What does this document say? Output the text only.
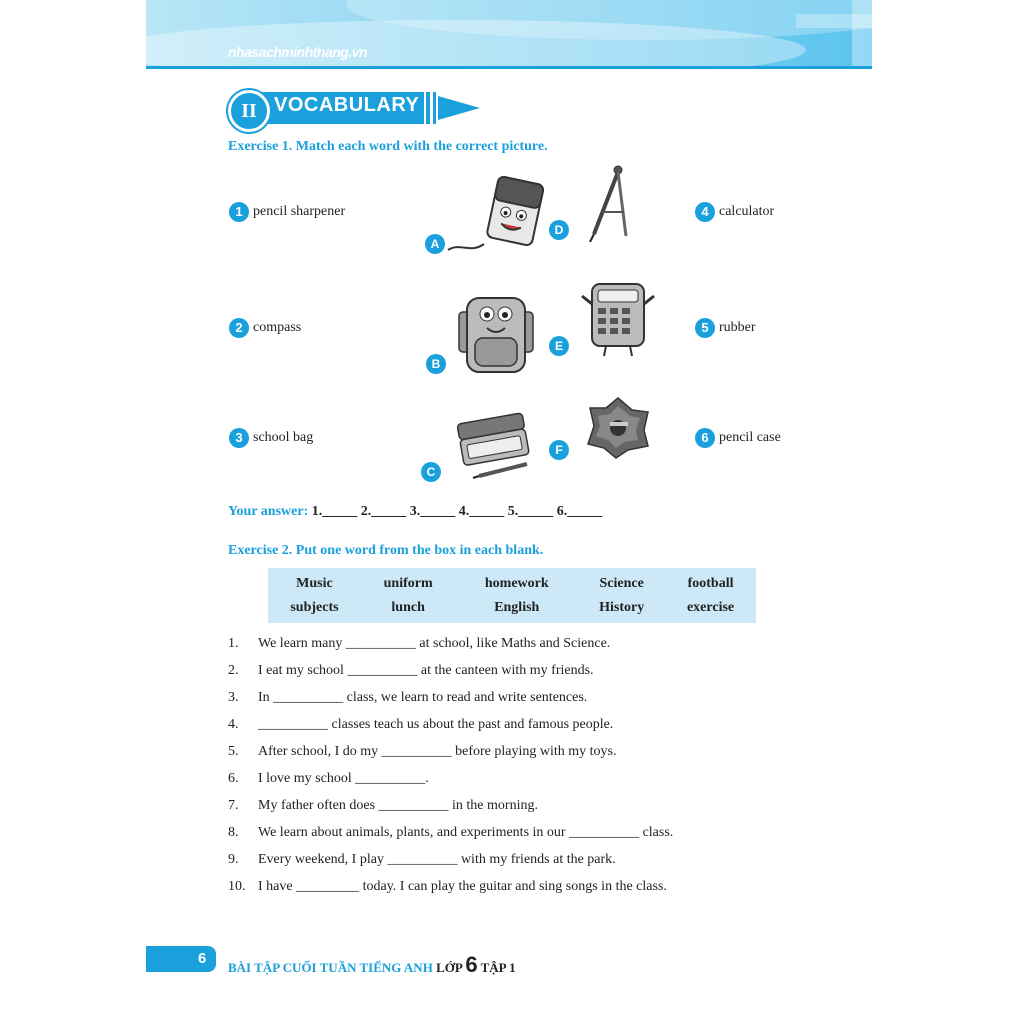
nhasachminhthang.vn
II VOCABULARY
Exercise 1. Match each word with the correct picture.
1 pencil sharpener
2 compass
3 school bag
4 calculator
5 rubber
6 pencil case
A
D
B
E
C
F
Your answer: 1._____ 2._____ 3._____ 4._____ 5._____ 6._____
Exercise 2. Put one word from the box in each blank.
Music	uniform	homework	Science	football
subjects	lunch	English	History	exercise
1. We learn many __________ at school, like Maths and Science.
2. I eat my school __________ at the canteen with my friends.
3. In __________ class, we learn to read and write sentences.
4. __________ classes teach us about the past and famous people.
5. After school, I do my __________ before playing with my toys.
6. I love my school __________.
7. My father often does __________ in the morning.
8. We learn about animals, plants, and experiments in our __________ class.
9. Every weekend, I play __________ with my friends at the park.
10. I have _________ today. I can play the guitar and sing songs in the class.
6
BÀI TẬP CUỐI TUẦN TIẾNG ANH LỚP 6 TẬP 1
